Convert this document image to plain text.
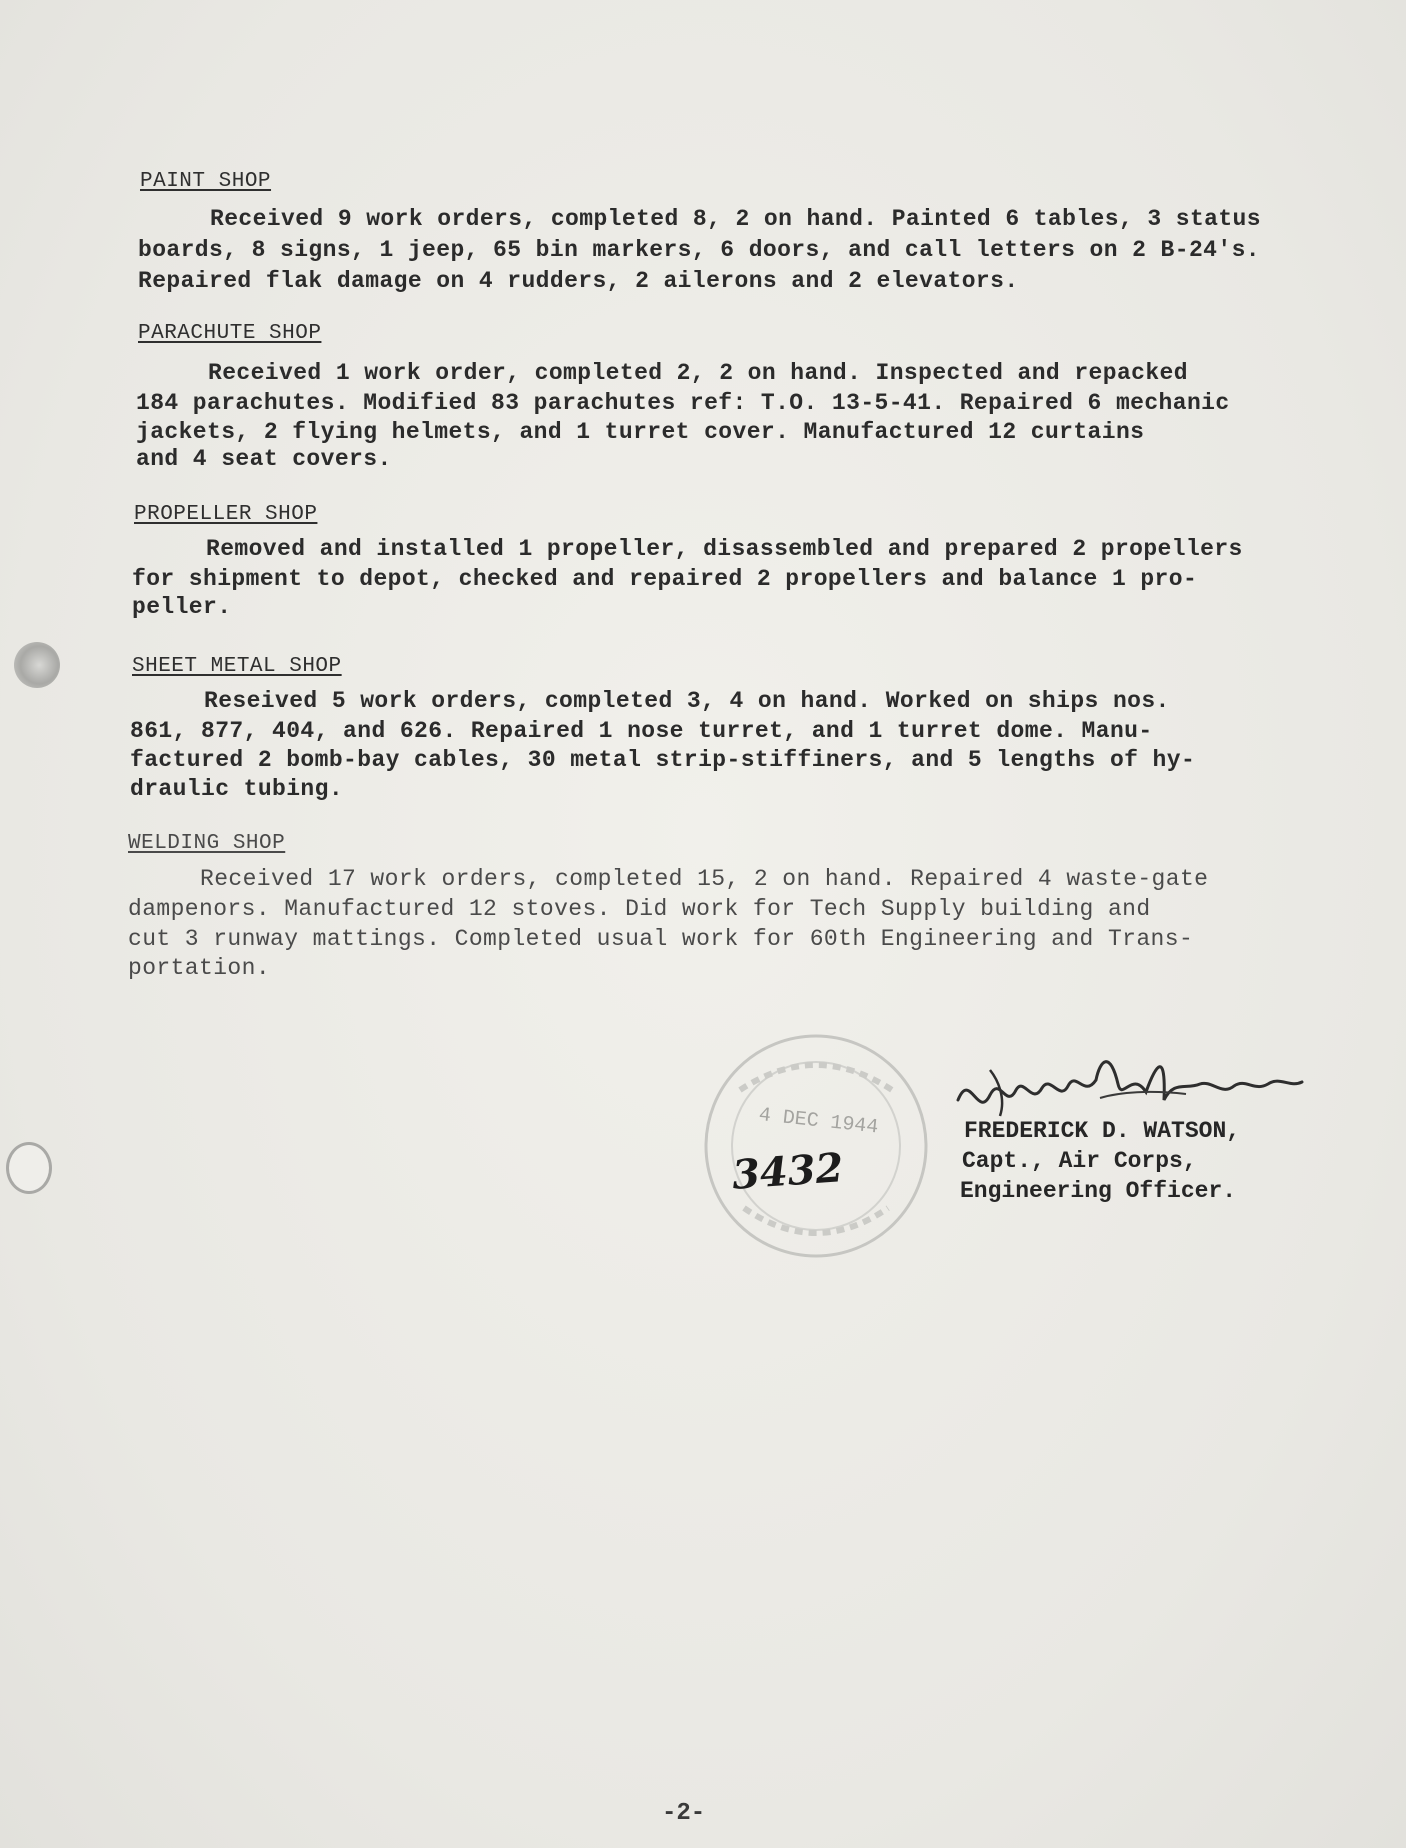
PAINT SHOP
Received 9 work orders, completed 8, 2 on hand. Painted 6 tables, 3 status
boards, 8 signs, 1 jeep, 65 bin markers, 6 doors, and call letters on 2 B-24's.
Repaired flak damage on 4 rudders, 2 ailerons and 2 elevators.
PARACHUTE SHOP
Received 1 work order, completed 2, 2 on hand. Inspected and repacked
184 parachutes. Modified 83 parachutes ref: T.O. 13-5-41. Repaired 6 mechanic
jackets, 2 flying helmets, and 1 turret cover. Manufactured 12 curtains
and 4 seat covers.
PROPELLER SHOP
Removed and installed 1 propeller, disassembled and prepared 2 propellers
for shipment to depot, checked and repaired 2 propellers and balance 1 pro-
peller.
SHEET METAL SHOP
Reseived 5 work orders, completed 3, 4 on hand. Worked on ships nos.
861, 877, 404, and 626. Repaired 1 nose turret, and 1 turret dome. Manu-
factured 2 bomb-bay cables, 30 metal strip-stiffiners, and 5 lengths of hy-
draulic tubing.
WELDING SHOP
Received 17 work orders, completed 15, 2 on hand. Repaired 4 waste-gate
dampenors. Manufactured 12 stoves. Did work for Tech Supply building and
cut 3 runway mattings. Completed usual work for 60th Engineering and Trans-
portation.
4 DEC 1944
3432
FREDERICK D. WATSON,
Capt., Air Corps,
Engineering Officer.
-2-
